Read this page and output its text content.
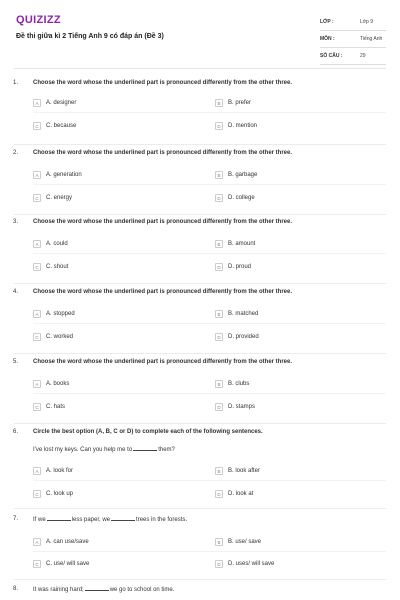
QUIZIZZ
Đề thi giữa kì 2 Tiếng Anh 9 có đáp án (Đề 3)
LỚP :	Lớp 9
MÔN :	Tiếng Anh
SỐ CÂU :	29
1. Choose the word whose the underlined part is pronounced differently from the other three.
A	A. designer	B	B. prefer
C	C. because	D	D. mention
2. Choose the word whose the underlined part is pronounced differently from the other three.
A	A. generation	B	B. garbage
C	C. energy	D	D. college
3. Choose the word whose the underlined part is pronounced differently from the other three.
A	A. could	B	B. amount
C	C. shout	D	D. proud
4. Choose the word whose the underlined part is pronounced differently from the other three.
A	A. stopped	B	B. matched
C	C. worked	D	D. provided
5. Choose the word whose the underlined part is pronounced differently from the other three.
A	A. books	B	B. clubs
C	C. hats	D	D. stamps
6. Circle the best option (A, B, C or D) to complete each of the following sentences.
I've lost my keys. Can you help me to	them?
A	A. look for	B	B. look after
C	C. look up	D	D. look at
7. If we	less paper, we	trees in the forests.
A	A. can use/save	B	B. use/ save
C	C. use/ will save	D	D. uses/ will save
8. It was raining hard;	we go to school on time.
